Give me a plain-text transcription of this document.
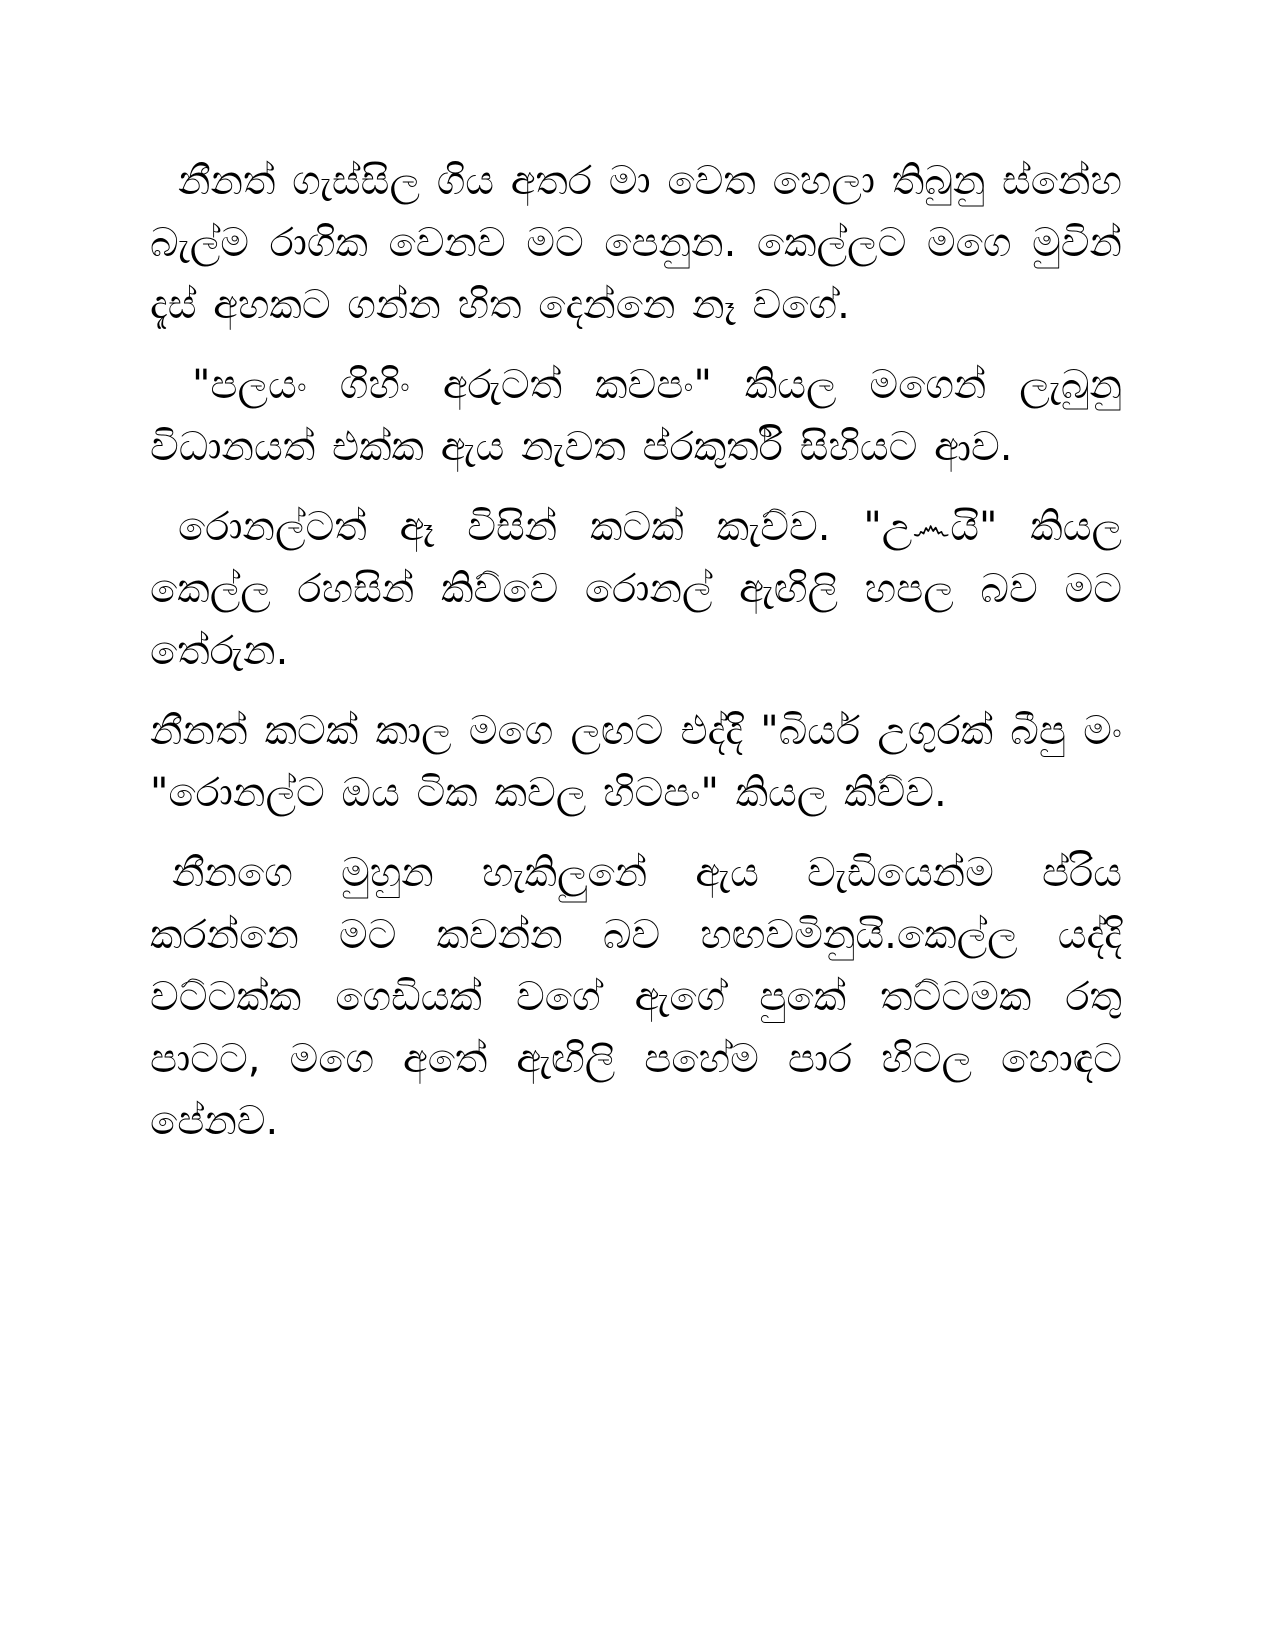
නීනත් ගැස්සිල ගිය අතර මා වෙත හෙලා තිබුනු ස්නේහ බැල්ම රාගික වෙනව මට පෙනුන. කෙල්ලට මගෙ මුවින් දැස් අහකට ගන්න හිත දෙන්නෙ නෑ වගේ.

"පලයං ගිහිං අරුටත් කවපං" කියල මගෙන් ලැබුනු විධානයත් එක්ක ඇය නැවත ප්රකුර්ති සිහියට ආව.

රොනල්ටත් ඈ විසින් කටක් කැව්ව. "උ෴යි" කියල කෙල්ල රහසින් කිව්වෙ රොනල් ඇඟිලි හපල බව මට තේරුන.

නීනත් කටක් කාල මගෙ ලඟට එද්දි "බියර් උගුරක් බීපු මං "රොනල්ට ඔය ටික කවල හිටපං" කියල කිව්ව.

නීනගෙ මුහුන හැකිලුනේ ඇය වැඩියෙන්ම ප්රිය කරන්නෙ මට කවන්න බව හඟවමිනුයි.කෙල්ල යද්දි වට්ටක්ක ගෙඩියක් වගේ ඇගේ පුකේ තට්ටමක රතු පාටට, මගෙ අතේ ඇඟිලි පහේම පාර හිටල හොඳට පේනව.
